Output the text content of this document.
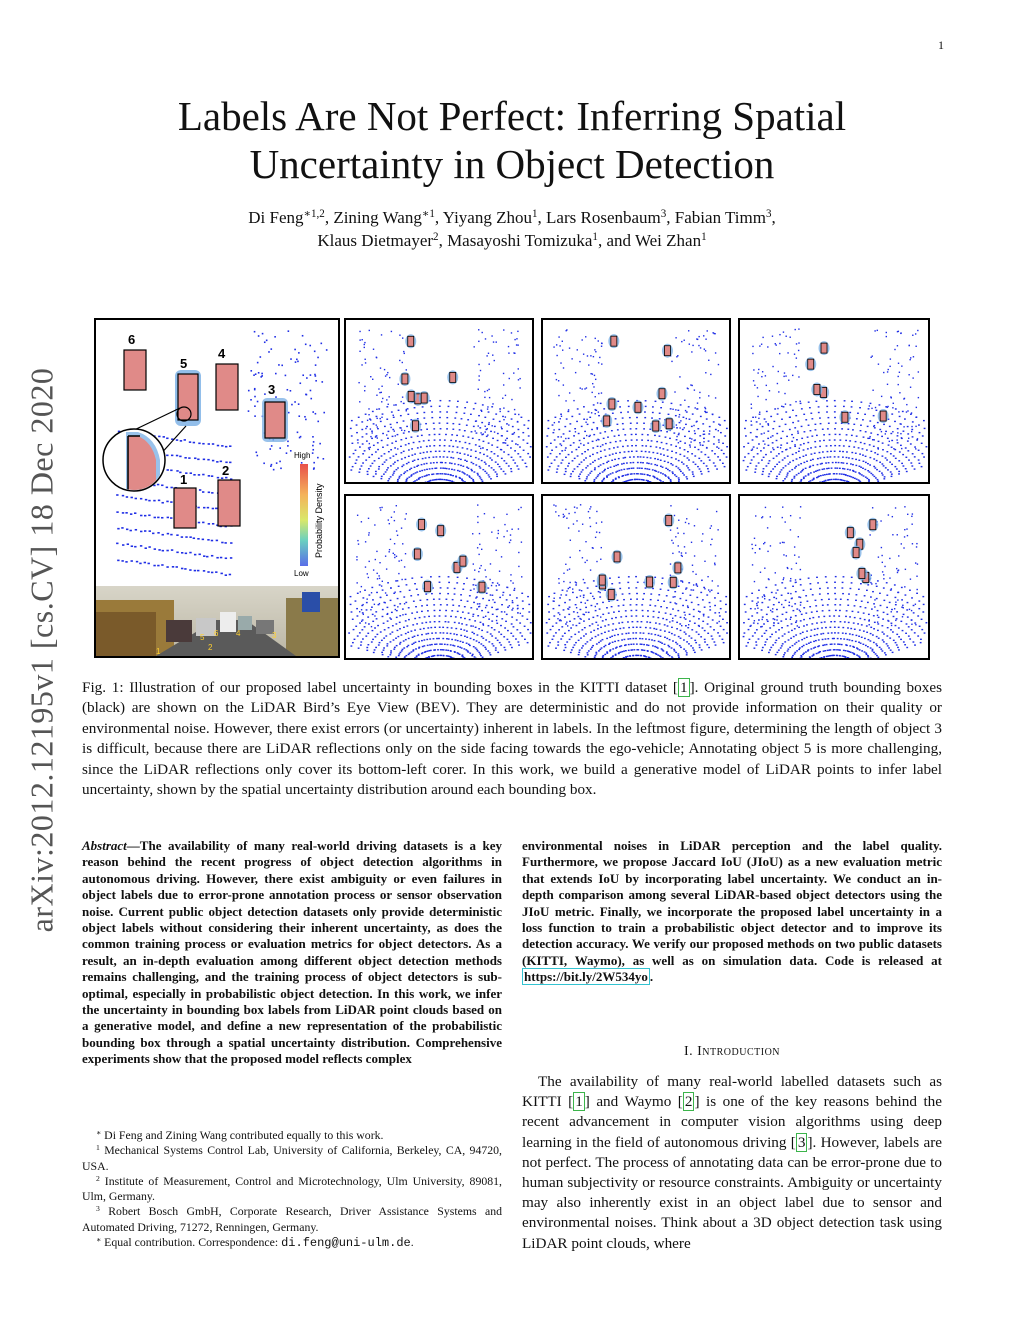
1
arXiv:2012.12195v1 [cs.CV] 18 Dec 2020
Labels Are Not Perfect: Inferring Spatial
Uncertainty in Object Detection
Di Feng$^{∗1,2}$, Zining Wang$^{∗1}$, Yiyang Zhou$^1$, Lars Rosenbaum$^3$, Fabian Timm$^3$,
Klaus Dietmayer$^2$, Masayoshi Tomizuka$^1$, and Wei Zhan$^1$
6
5
4
3
2
1
High
Low
Probability Density
1	2
3
4
5 6
Fig. 1: Illustration of our proposed label uncertainty in bounding boxes in the KITTI dataset [ 1 ]. Original ground truth bounding boxes (black) are shown on the LiDAR Bird’s Eye View (BEV). They are deterministic and do not provide information on their quality or environmental noise. However, there exist errors (or uncertainty) inherent in labels. In the leftmost figure, determining the length of object 3 is difficult, because there are LiDAR reflections only on the side facing towards the ego-vehicle; Annotating object 5 is more challenging, since the LiDAR reflections only cover its bottom-left corer. In this work, we build a generative model of LiDAR points to infer label uncertainty, shown by the spatial uncertainty distribution around each bounding box.
Abstract—The availability of many real-world driving datasets is a key reason behind the recent progress of object detection algorithms in autonomous driving. However, there exist ambiguity or even failures in object labels due to error-prone annotation process or sensor observation noise. Current public object detection datasets only provide deterministic object labels without considering their inherent uncertainty, as does the common training process or evaluation metrics for object detectors. As a result, an in-depth evaluation among different object detection methods remains challenging, and the training process of object detectors is sub-optimal, especially in probabilistic object detection. In this work, we infer the uncertainty in bounding box labels from LiDAR point clouds based on a generative model, and define a new representation of the probabilistic bounding box through a spatial uncertainty distribution. Comprehensive experiments show that the proposed model reflects complex
environmental noises in LiDAR perception and the label quality. Furthermore, we propose Jaccard IoU (JIoU) as a new evaluation metric that extends IoU by incorporating label uncertainty. We conduct an in-depth comparison among several LiDAR-based object detectors using the JIoU metric. Finally, we incorporate the proposed label uncertainty in a loss function to train a probabilistic object detector and to improve its detection accuracy. We verify our proposed methods on two public datasets (KITTI, Waymo), as well as on simulation data. Code is released at https://bit.ly/2W534yo .
I. Introduction

The availability of many real-world labelled datasets such as KITTI [ 1 ] and Waymo [ 2 ] is one of the key reasons behind the recent advancement in computer vision algorithms using deep learning in the field of autonomous driving [ 3 ]. However, labels are not perfect. The process of annotating data can be error-prone due to human subjectivity or resource constraints. Ambiguity or uncertainty may also inherently exist in an object label due to sensor and environmental noises. Think about a 3D object detection task using LiDAR point clouds, where

∗ Di Feng and Zining Wang contributed equally to this work.

$^1$ Mechanical Systems Control Lab, University of California, Berkeley, CA, 94720, USA.

$^2$ Institute of Measurement, Control and Microtechnology, Ulm University, 89081, Ulm, Germany.

$^3$ Robert Bosch GmbH, Corporate Research, Driver Assistance Systems and Automated Driving, 71272, Renningen, Germany.

∗ Equal contribution. Correspondence: di.feng@uni-ulm.de.
